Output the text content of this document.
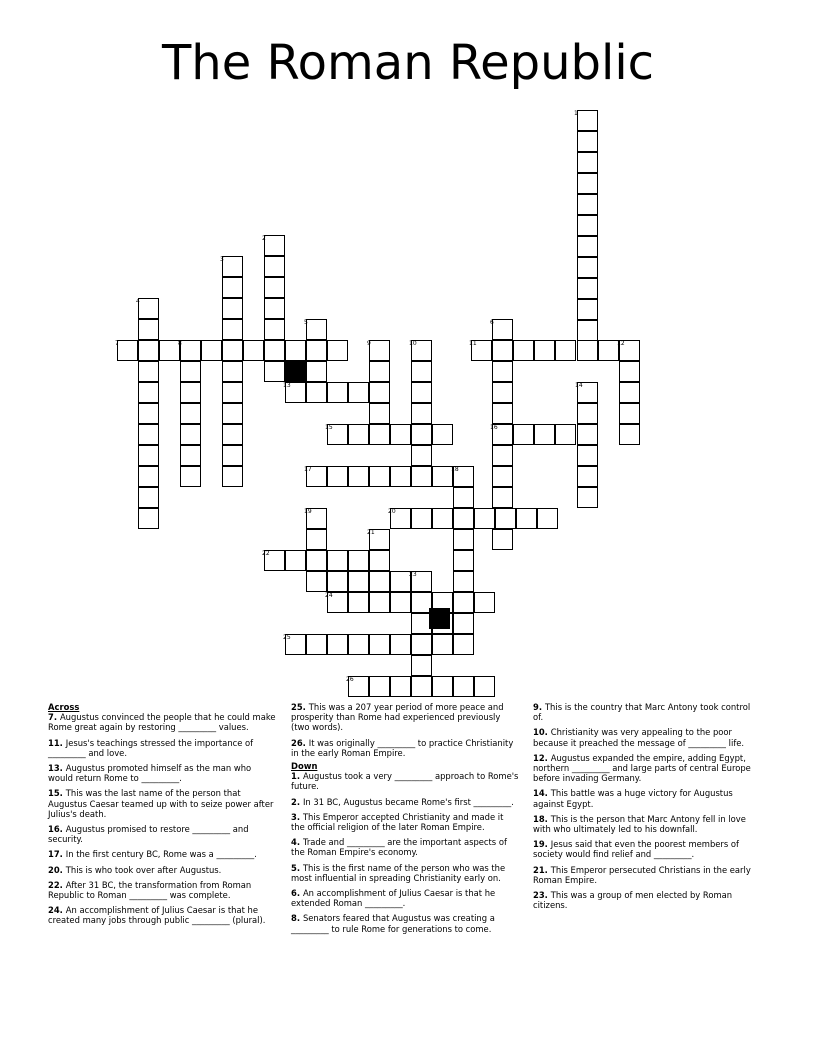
The Roman Republic
1
2
3
4
5	6
7	8	9	10	11	12
13	14
15	16
17	18
19	20
21
22
23
24
25
26

Across

7. Augustus convinced the people that he could make Rome great again by restoring _________ values.

11. Jesus's teachings stressed the importance of _________ and love.

13. Augustus promoted himself as the man who would return Rome to _________.

15. This was the last name of the person that Augustus Caesar teamed up with to seize power after Julius's death.

16. Augustus promised to restore _________ and security.

17. In the first century BC, Rome was a _________.

20. This is who took over after Augustus.

22. After 31 BC, the transformation from Roman Republic to Roman _________ was complete.

24. An accomplishment of Julius Caesar is that he created many jobs through public _________ (plural).

25. This was a 207 year period of more peace and prosperity than Rome had experienced previously (two words).

26. It was originally _________ to practice Christianity in the early Roman Empire.

Down

1. Augustus took a very _________ approach to Rome's future.

2. In 31 BC, Augustus became Rome's first _________.

3. This Emperor accepted Christianity and made it the official religion of the later Roman Empire.

4. Trade and _________ are the important aspects of the Roman Empire's economy.

5. This is the first name of the person who was the most influential in spreading Christianity early on.

6. An accomplishment of Julius Caesar is that he extended Roman _________.

8. Senators feared that Augustus was creating a _________ to rule Rome for generations to come.

9. This is the country that Marc Antony took control of.

10. Christianity was very appealing to the poor because it preached the message of _________ life.

12. Augustus expanded the empire, adding Egypt, northern _________ and large parts of central Europe before invading Germany.

14. This battle was a huge victory for Augustus against Egypt.

18. This is the person that Marc Antony fell in love with who ultimately led to his downfall.

19. Jesus said that even the poorest members of society would find relief and _________.

21. This Emperor persecuted Christians in the early Roman Empire.

23. This was a group of men elected by Roman citizens.
